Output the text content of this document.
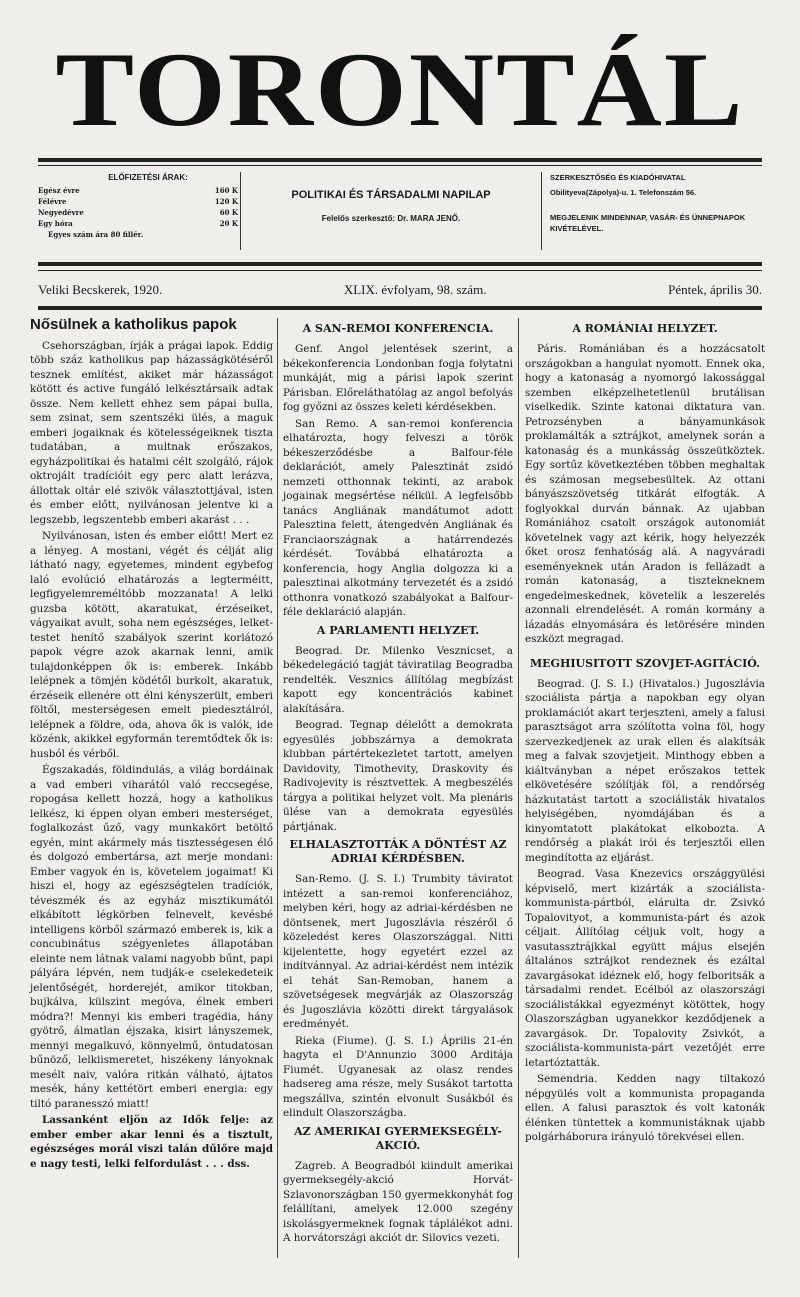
TORONTÁL
ELŐFIZETÉSI ÁRAK:
Egész évre	160 K
Félévre	120 K
Negyedévre	60 K
Egy hóra	20 K
Egyes szám ára 80 fillér.
POLITIKAI ÉS TÁRSADALMI NAPILAP
Felelős szerkesztő: Dr. MARA JENŐ.
SZERKESZTŐSÉG ÉS KIADÓHIVATAL
Obilityeva(Zápolya)-u. 1. Telefonszám 56.
MEGJELENIK MINDENNAP, VASÁR- ÉS ÜNNEPNAPOK KIVÉTELÉVEL.
Veliki Becskerek, 1920.	XLIX. évfolyam, 98. szám.	Péntek, április 30.
Nősülnek a katholikus papok

Csehországban, írják a prágai lapok. Eddig több száz katholikus pap házasságkötéséről tesznek említést, akiket már házasságot kötött és active fungáló lelkésztársaik adtak össze. Nem kellett ehhez sem pápai bulla, sem zsinat, sem szentszéki ülés, a maguk emberi jogaiknak és kötelességeiknek tiszta tudatában, a multnak erőszakos, egyházpolitikai és hatalmi célt szolgáló, rájok oktrojált tradícióit egy perc alatt lerázva, állottak oltár elé szivök választottjával, isten és ember előtt, nyilvánosan jelentve ki a legszebb, legszentebb emberi akarást . . .

Nyilvánosan, isten és ember előtt! Mert ez a lényeg. A mostani, végét és célját alig látható nagy, egyetemes, mindent egybefog laló evolúció elhatározás a legterméitt, legfigyelemreméltóbb mozzanata! A lelki guzsba kötött, akaratukat, érzéseiket, vágyaikat avult, soha nem egészséges, lelket-testet henítő szabályok szerint korlátozó papok végre azok akarnak lenni, amik tulajdonképpen ők is: emberek. Inkább lelépnek a tömjén ködétől burkolt, akaratuk, érzéseik ellenére ott élni kényszerült, emberi föltől, mesterségesen emelt piedesztálról, lelépnek a földre, oda, ahova ők is valók, ide közénk, akikkel egyformán teremtődtek ők is: husból és vérből.

Égszakadás, földindulás, a világ bordáinak a vad emberi viharától való reccsegése, ropogása kellett hozzá, hogy a katholikus lelkész, ki éppen olyan emberi mesterséget, foglalkozást űző, vagy munkakört betöltő egyén, mint akármely más tisztességesen élő és dolgozó embertársa, azt merje mondani: Ember vagyok én is, követelem jogaimat! Ki hiszi el, hogy az egészségtelen tradíciók, téveszmék és az egyház misztikumától elkábított légkörben felnevelt, kevésbé intelligens körből származó emberek is, kik a concubinátus szégyenletes állapotában eleinte nem látnak valami nagyobb bűnt, papi pályára lépvén, nem tudják-e cselekedeteik jelentőségét, horderejét, amikor titokban, bujkálva, külszint megóva, élnek emberi módra?! Mennyi kis emberi tragédia, hány gyötrő, álmatlan éjszaka, kisirt lányszemek, mennyi megalkuvó, könnyelmű, öntudatosan bűnöző, lelkiismeretet, hiszékeny lányoknak mesélt naiv, valóra ritkán válható, ájtatos mesék, hány kettétört emberi energia: egy tiltó paranesszó miatt!

Lassanként eljön az Idők felje: az ember ember akar lenni és a tisztult, egészséges morál viszi talán dűlőre majd e nagy testi, lelki felfordulást . . . dss.

A SAN-REMOI KONFERENCIA.

Genf. Angol jelentések szerint, a békekonferencia Londonban fogja folytatni munkáját, mig a párisi lapok szerint Párisban. Előreláthatólag az angol befolyás fog győzni az összes keleti kérdésekben.

San Remo. A san-remoi konferencia elhatározta, hogy felveszi a török békeszerződésbe a Balfour-féle deklarációt, amely Palesztinát zsidó nemzeti otthonnak tekinti, az arabok jogainak megsértése nélkül. A legfelsőbb tanács Angliának mandátumot adott Palesztina felett, átengedvén Angliának és Franciaországnak a határrendezés kérdését. Továbbá elhatározta a konferencia, hogy Anglia dolgozza ki a palesztinai alkotmány tervezetét és a zsidó otthonra vonatkozó szabályokat a Balfour-féle deklaráció alapján.

A PARLAMENTI HELYZET.

Beograd. Dr. Milenko Vesznicset, a békedelegáció tagját táviratilag Beogradba rendelték. Vesznics állítólag megbízást kapott egy koncentrációs kabinet alakítására.

Beograd. Tegnap délelőtt a demokrata egyesülés jobbszárnya a demokrata klubban pártértekezletet tartott, amelyen Davidovity, Timothevity, Draskovity és Radivojevity is résztvettek. A megbeszélés tárgya a politikai helyzet volt. Ma plenáris ülése van a demokrata egyesülés pártjának.

ELHALASZTOTTÁK A DÖNTÉST AZ ADRIAI KÉRDÉSBEN.

San-Remo. (J. S. I.) Trumbity táviratot intézett a san-remoi konferenciához, melyben kéri, hogy az adriai-kérdésben ne döntsenek, mert Jugoszlávia részéről ő közeledést keres Olaszországgal. Nitti kijelentette, hogy egyetért ezzel az indítvánnyal. Az adriai-kérdést nem intézik el tehát San-Remoban, hanem a szövetségesek megvárják az Olaszország és Jugoszlávia közötti direkt tárgyalások eredményét.

Rieka (Fiume). (J. S. I.) Április 21-én hagyta el D'Annunzio 3000 Arditája Fiumét. Ugyanesak az olasz rendes hadsereg ama része, mely Susákot tartotta megszállva, szintén elvonult Susákból és elindult Olaszországba.

AZ AMERIKAI GYERMEKSEGÉLY-AKCIÓ.

Zagreb. A Beogradból kiindult amerikai gyermeksegély-akció Horvát-Szlavonországban 150 gyermekkonyhát fog felállítani, amelyek 12.000 szegény iskolásgyermeknek fognak táplálékot adni. A horvátországi akciót dr. Silovics vezeti.

A ROMÁNIAI HELYZET.

Páris. Romániában és a hozzácsatolt országokban a hangulat nyomott. Ennek oka, hogy a katonaság a nyomorgó lakossággal szemben elképzelhetetlenül brutálisan viselkedik. Szinte katonai diktatura van. Petrozsényben a bányamunkások proklamálták a sztrájkot, amelynek során a katonaság és a munkásság összeütköztek. Egy sortűz következtében többen meghaltak és számosan megsebesültek. Az ottani bányászszövetség titkárát elfogták. A foglyokkal durván bánnak. Az ujabban Romániához csatolt országok autonomiát követelnek vagy azt kérik, hogy helyezzék őket orosz fenhatóság alá. A nagyváradi eseményeknek után Aradon is fellázadt a román katonaság, a tisztekneknem engedelmeskednek, követelik a leszerelés azonnali elrendelését. A román kormány a lázadás elnyomására és letörésére minden eszközt megragad.

MEGHIUSITOTT SZOVJET-AGITÁCIÓ.

Beograd. (J. S. I.) (Hivatalos.) Jugoszlávia szociálista pártja a napokban egy olyan proklamációt akart terjeszteni, amely a falusi parasztságot arra szólította volna föl, hogy szervezkedjenek az urak ellen és alakítsák meg a falvak szovjetjeit. Minthogy ebben a kiáltványban a népet erőszakos tettek elkövetésére szólítják föl, a rendőrség házkutatást tartott a szociálisták hivatalos helyiségében, nyomdájában és a kinyomtatott plakátokat elkobozta. A rendőrség a plakát irói és terjesztői ellen megindította az eljárást.

Beograd. Vasa Knezevics országgyülési képviselő, mert kizárták a szociálista-kommunista-pártból, elárulta dr. Zsivkó Topalovityot, a kommunista-párt és azok céljait. Állítólag céljuk volt, hogy a vasutassztrájkkal együtt május elsején általános sztrájkot rendeznek és ezáltal zavargásokat idéznek elő, hogy felboritsák a társadalmi rendet. Ecélból az olaszországi szociálistákkal egyezményt kötöttek, hogy Olaszországban ugyanekkor kezdődjenek a zavargások. Dr. Topalovity Zsivkót, a szociálista-kommunista-párt vezetőjét erre letartóztatták.

Semendria. Kedden nagy tiltakozó népgyülés volt a kommunista propaganda ellen. A falusi parasztok és volt katonák élénken tüntettek a kommunistáknak ujabb polgárháborura irányuló törekvései ellen.
